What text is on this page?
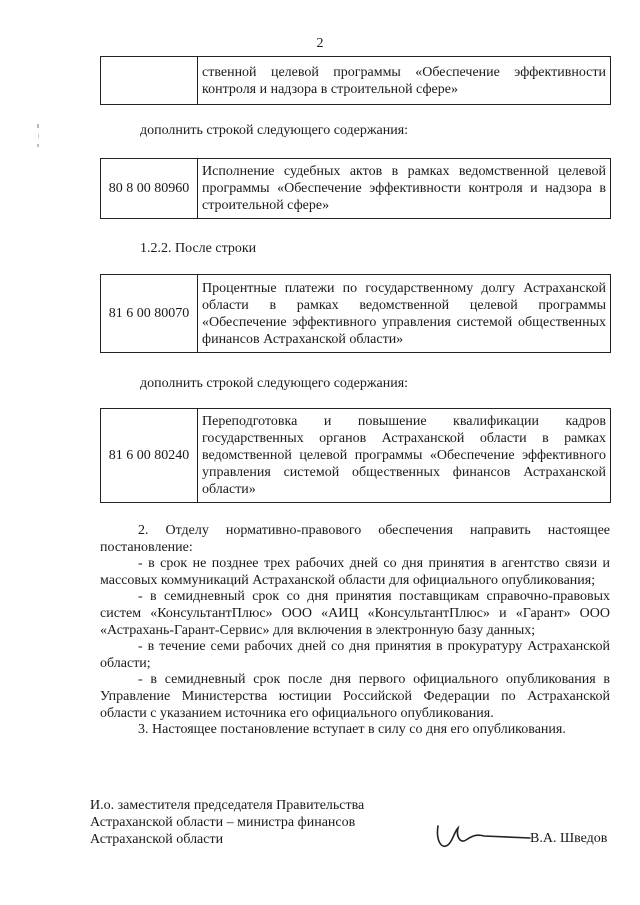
2
	ственной целевой программы «Обеспечение эффективности контроля и надзора в строительной сфере»
дополнить строкой следующего содержания:
80 8 00 80960	Исполнение судебных актов в рамках ведомственной целевой программы «Обеспечение эффективности контроля и надзора в строительной сфере»
1.2.2. После строки
81 6 00 80070	Процентные платежи по государственному долгу Астраханской области в рамках ведомственной целевой программы «Обеспечение эффективного управления системой общественных финансов Астраханской области»
дополнить строкой следующего содержания:
81 6 00 80240	Переподготовка и повышение квалификации кадров государственных органов Астраханской области в рамках ведомственной целевой программы «Обеспечение эффективного управления системой общественных финансов Астраханской области»

2. Отделу нормативно-правового обеспечения направить настоящее постановление:

- в срок не позднее трех рабочих дней со дня принятия в агентство связи и массовых коммуникаций Астраханской области для официального опубликования;

- в семидневный срок со дня принятия поставщикам справочно-правовых систем «КонсультантПлюс» ООО «АИЦ «КонсультантПлюс» и «Гарант» ООО «Астрахань-Гарант-Сервис» для включения в электронную базу данных;

- в течение семи рабочих дней со дня принятия в прокуратуру Астраханской области;

- в семидневный срок после дня первого официального опубликования в Управление Министерства юстиции Российской Федерации по Астраханской области с указанием источника его официального опубликования.

3. Настоящее постановление вступает в силу со дня его опубликования.

И.о. заместителя председателя Правительства
Астраханской области – министра финансов
Астраханской области	В.А. Шведов
